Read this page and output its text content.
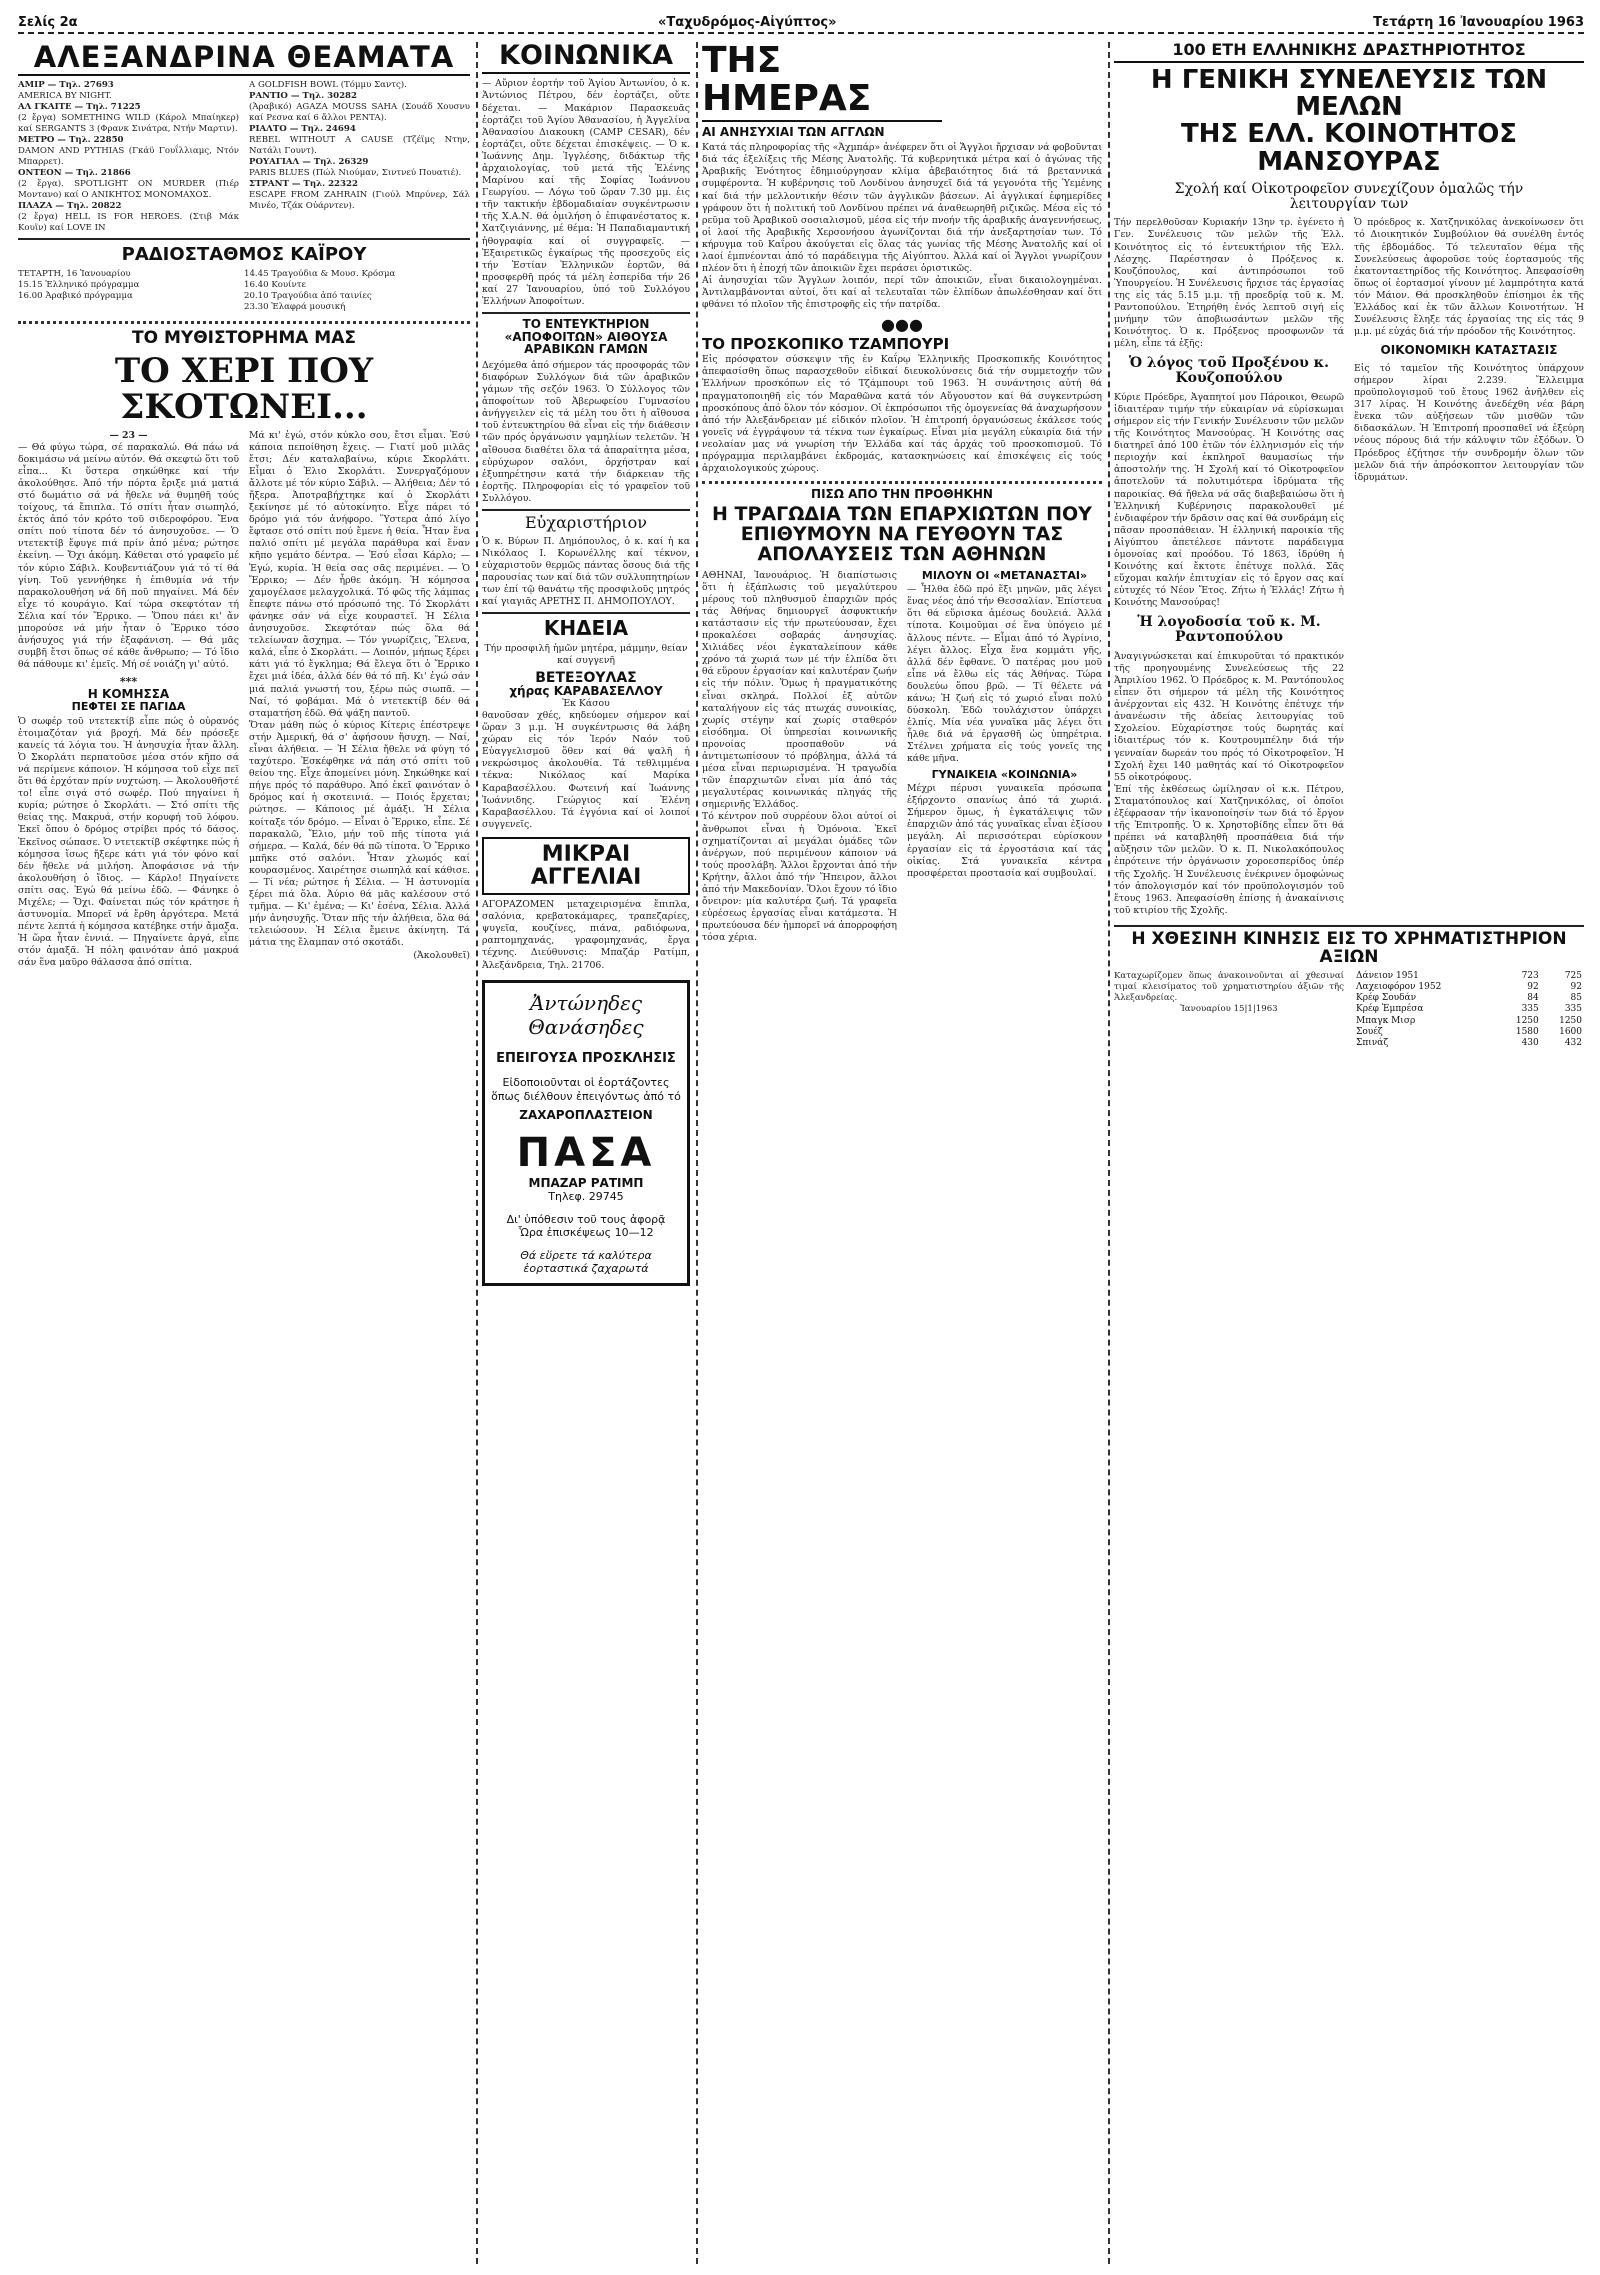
Σελίς 2α	«Ταχυδρόμος-Αἰγύπτος»	Τετάρτη 16 Ἰανουαρίου 1963
ΑΛΕΞΑΝΔΡΙΝΑ ΘΕΑΜΑΤΑ
ΑΜΙΡ — Τηλ. 27693
AMERICA BY NIGHT.
ΑΛ ΓΚΑΙΤΕ — Τηλ. 71225
(2 ἔργα) SOMETHING WILD (Κάρολ Μπαίηκερ) καί SERGANTS 3 (Φρανκ Σινάτρα, Ντήν Μαρτιν).
ΜΕΤΡΟ — Τηλ. 22850
DAMON AND PYTHIAS (Γκάϋ Γουΐλλιαμς, Ντόν Μπαρρετ).
ΟΝΤΕΟΝ — Τηλ. 21866
(2 ἔργα). SPOTLIGHT ON MURDER (Πιέρ Μοντανο) καί Ο ΑΝΙΚΗΤΟΣ ΜΟΝΟΜΑΧΟΣ.
ΠΛΑΖΑ — Τηλ. 20822
(2 ἔργα) HELL IS FOR HEROES. (Στιβ Μάκ Κουϊν) καί LOVE IN
A GOLDFISH BOWL (Τόμμυ Σαντς).
ΡΑΝΤΙΟ — Τηλ. 30282
(Ἀραβικό) AGAZA MOUSS SAHA (Σουάδ Χουσνυ καί Ρεσνα καί 6 ἄλλοι PENTA).
ΡΙΑΛΤΟ — Τηλ. 24694
REBEL WITHOUT A CAUSE (Τζέϊμς Ντην, Νατάλι Γουντ).
ΡΟΥΑΓΙΑΛ — Τηλ. 26329
PARIS BLUES (Πώλ Νιούμαν, Σιντνεύ Πουατιέ).
ΣΤΡΑΝΤ — Τηλ. 22322
ESCAPE FROM ZAHRAIN (Γιούλ Μπρύνερ, Σάλ Μινέο, Τζάκ Οὐάρντεν).
ΡΑΔΙΟΣΤΑΘΜΟΣ ΚΑΪΡΟΥ
ΤΕΤΑΡΤΗ, 16 Ἰανουαρίου	14.45 Τραγούδια & Μουσ. Κρόσμα
15.15 Ἐλληνικό πρόγραμμα	16.40 Κουίντε
16.00 Ἀραβικό πρόγραμμα	20.10 Τραγούδια ἀπό ταινίες
23.30 Ἐλαφρά μουσική
ΤΟ ΜΥΘΙΣΤΟΡΗΜΑ ΜΑΣ
ΤΟ ΧΕΡΙ ΠΟΥ ΣΚΟΤΩΝΕΙ...
— 23 —

— Θά φύγω τώρα, σέ παρακαλώ. Θά πάω νά δοκιμάσω νά μείνω αὐτόν. Θά σκεφτώ ὅτι τοῦ εἶπα... Κι ὕστερα σηκώθηκε καί τήν ἀκολούθησε. Ἀπό τήν πόρτα ἔριξε μιά ματιά στό δωμάτιο σά νά ἤθελε νά θυμηθῆ τούς τοίχους, τά ἔπιπλα. Τό σπίτι ἦταν σιωπηλό, ἐκτός ἀπό τόν κρότο τοῦ σιδεροφόρου. Ἔνα σπίτι πού τίποτα δέν τό ἀνησυχοῦσε. — Ὁ ντετεκτίβ ἔφυγε πιά πρίν ἀπό μένα; ρώτησε ἐκείνη. — Ὄχι ἀκόμη. Κάθεται στό γραφεῖο μέ τόν κύριο Σάβιλ. Κουβεντιάζουν γιά τό τί θά γίνη. Τοῦ γεννήθηκε ἡ ἐπιθυμία νά τήν παρακολουθήση νά δῆ ποῦ πηγαίνει. Μά δέν εἶχε τό κουράγιο. Καί τώρα σκεφτόταν τή Σέλια καί τόν Ἔρρικο. — Ὅπου πάει κι' ἄν μπορούσε νά μήν ἦταν ὁ Ἔρρικο τόσο ἀνήσυχος γιά τήν ἐξαφάνιση. — Θά μᾶς συμβῆ ἔτσι ὅπως σέ κάθε ἄνθρωπο; — Τό ἴδιο θά πάθουμε κι' ἐμεῖς. Μή σέ νοιάζη γι' αὐτό.

***
Η ΚΟΜΗΣΣΑ
ΠΕΦΤΕΙ ΣΕ ΠΑΓΙΔΑ

Ὁ σωφέρ τοῦ ντετεκτίβ εἶπε πώς ὁ οὐρανός ἑτοιμαζόταν γιά βροχή. Μά δέν πρόσεξε κανείς τά λόγια του. Ἡ ἀνησυχία ἦταν ἄλλη. Ὁ Σκορλάτι περπατοῦσε μέσα στόν κῆπο σά νά περίμενε κάποιον. Ἡ κόμησσα τοῦ εἶχε πεῖ ὅτι θά ἐρχόταν πρίν νυχτώση. — Ἀκολουθῆστέ το! εἶπε σιγά στό σωφέρ. Πού πηγαίνει ἡ κυρία; ρώτησε ὁ Σκορλάτι. — Στό σπίτι τῆς θείας της. Μακρυά, στήν κορυφή τοῦ λόφου. Ἐκεῖ ὅπου ὁ δρόμος στρίβει πρός τό δάσος. Ἐκεῖνος σώπασε. Ὁ ντετεκτίβ σκέφτηκε πώς ἡ κόμησσα ἴσως ἤξερε κάτι γιά τόν φόνο καί δέν ἤθελε νά μιλήση. Ἀποφάσισε νά τήν ἀκολουθήση ὁ ἴδιος. — Κάρλο! Πηγαίνετε σπίτι σας. Ἐγώ θά μείνω ἐδῶ. — Φάνηκε ὁ Μιχέλε; — Ὄχι. Φαίνεται πώς τόν κράτησε ἡ ἀστυνομία. Μπορεῖ νά ἔρθη ἀργότερα. Μετά πέντε λεπτά ἡ κόμησσα κατέβηκε στήν ἄμαξα. Ἡ ὥρα ἦταν ἐννιά. — Πηγαίνετε ἀργά, εἶπε στόν ἀμαξᾶ. Ἡ πόλη φαινόταν ἀπό μακρυά σάν ἕνα μαῦρο θάλασσα ἀπό σπίτια.

Μά κι' ἐγώ, στόν κύκλο σου, ἔτσι εἶμαι. Ἐσύ κάποια πεποίθηση ἔχεις. — Γιατί μοῦ μιλᾶς ἔτσι; Δέν καταλαβαίνω, κύριε Σκορλάτι. Εἶμαι ὁ Ἐλιο Σκορλάτι. Συνεργαζόμουν ἄλλοτε μέ τόν κύριο Σάβιλ. — Ἀλήθεια; Δέν τό ἤξερα. Ἀποτραβήχτηκε καί ὁ Σκορλάτι ξεκίνησε μέ τό αὐτοκίνητο. Εἶχε πάρει τό δρόμο γιά τόν ἀνήφορο. Ὕστερα ἀπό λίγο ἔφτασε στό σπίτι πού ἔμενε ἡ θεία. Ἦταν ἕνα παλιό σπίτι μέ μεγάλα παράθυρα καί ἕναν κῆπο γεμάτο δέντρα. — Ἐσύ εἶσαι Κάρλο; — Ἐγώ, κυρία. Ἡ θεία σας σᾶς περιμένει. — Ὁ Ἔρρικο; — Δέν ἦρθε ἀκόμη. Ἡ κόμησσα χαμογέλασε μελαγχολικά. Τό φῶς τῆς λάμπας ἔπεφτε πάνω στό πρόσωπό της. Τό Σκορλάτι φάνηκε σάν νά εἶχε κουραστεῖ. Ἡ Σέλια ἀνησυχοῦσε. Σκεφτόταν πώς ὅλα θά τελείωναν ἄσχημα. — Τόν γνωρίζεις, Ἔλενα, καλά, εἶπε ὁ Σκορλάτι. — Λοιπόν, μήπως ξέρει κάτι γιά τό ἔγκλημα; Θά ἔλεγα ὅτι ὁ Ἔρρικο ἔχει μιά ἰδέα, ἀλλά δέν θά τό πῆ. Κι' ἐγώ σάν μιά παλιά γνωστή του, ξέρω πώς σιωπᾶ. — Ναί, τό φοβάμαι. Μά ὁ ντετεκτίβ δέν θά σταματήση ἐδῶ. Θά ψάξη παντοῦ.

Ὅταν μάθη πώς ὁ κύριος Κίτερις ἐπέστρεψε στήν Ἀμερική, θά σ' ἀφήσουν ἥσυχη. — Ναί, εἶναι ἀλήθεια. — Ἡ Σέλια ἤθελε νά φύγη τό ταχύτερο. Ἐσκέφθηκε νά πάη στό σπίτι τοῦ θείου της. Εἶχε ἀπομείνει μόνη. Σηκώθηκε καί πήγε πρός τό παράθυρο. Ἀπό ἐκεῖ φαινόταν ὁ δρόμος καί ἡ σκοτεινιά. — Ποιός ἔρχεται; ρώτησε. — Κάποιος μέ ἀμάξι. Ἡ Σέλια κοίταξε τόν δρόμο. — Εἶναι ὁ Ἔρρικο, εἶπε. Σέ παρακαλῶ, Ἔλιο, μήν τοῦ πῆς τίποτα γιά σήμερα. — Καλά, δέν θά πῶ τίποτα. Ὁ Ἔρρικο μπῆκε στό σαλόνι. Ἦταν χλωμός καί κουρασμένος. Χαιρέτησε σιωπηλά καί κάθισε. — Τί νέα; ρώτησε ἡ Σέλια. — Ἡ ἀστυνομία ξέρει πιά ὅλα. Ἀύριο θά μᾶς καλέσουν στό τμῆμα. — Κι' ἐμένα; — Κι' ἐσένα, Σέλια. Ἀλλά μήν ἀνησυχῆς. Ὅταν πῆς τήν ἀλήθεια, ὅλα θά τελειώσουν. Ἡ Σέλια ἔμεινε ἀκίνητη. Τά μάτια της ἔλαμπαν στό σκοτάδι.

(Ἀκολουθεῖ)
ΚΟΙΝΩΝΙΚΑ

— Αὔριον ἑορτήν τοῦ Ἁγίου Ἀντωνίου, ὁ κ. Ἀντώνιος Πέτρου, δέν ἑορτάζει, οὔτε δέχεται. — Μακάριον Παρασκευᾶς ἑορτάζει τοῦ Ἁγίου Ἀθανασίου, ἡ Ἀγγελίνα Ἀθανασίου Διακουκη (CAMP CESAR), δέν ἑορτάζει, οὔτε δέχεται ἐπισκέψεις. — Ὁ κ. Ἰωάννης Δημ. Ἰγγλέσης, διδάκτωρ τῆς ἀρχαιολογίας, τοῦ μετά τῆς Ἑλένης Μαρίνου καί τῆς Σοφίας Ἰωάννου Γεωργίου. — Λόγω τοῦ ὥραν 7.30 μμ. ἐις τῆν τακτικήν ἑβδομαδιαίαν συγκέντρωσιν τῆς Χ.Α.Ν. θά ὁμιλήση ὁ ἐπιφανέστατος κ. Χατζιγιάννης, μέ θέμα: Ἡ Παπαδιαμαντική ἡθογραφία καί οἱ συγγραφεῖς. — Ἐξαιρετικῶς ἐγκαίρως τῆς προσεχοῦς εἰς τήν Ἐστίαν Ἑλληνικῶν ἑορτῶν, θά προσφερθῆ πρός τά μέλη ἐσπερίδα τήν 26 καί 27 Ἰανουαρίου, ὑπό τοῦ Συλλόγου Ἑλλήνων Ἀποφοίτων.

ΤΟ ΕΝΤΕΥΚΤΗΡΙΟΝ «ΑΠΟΦΟΙΤΩΝ» ΑΙΘΟΥΣΑ ΑΡΑΒΙΚΩΝ ΓΑΜΩΝ

Δεχόμεθα ἀπό σήμερον τάς προσφοράς τῶν διαφόρων Συλλόγων διά τῶν ἀραβικῶν γάμων τῆς σεζόν 1963. Ὁ Σύλλογος τῶν ἀποφοίτων τοῦ Ἀβερωφείου Γυμνασίου ἀνήγγειλεν εἰς τά μέλη του ὅτι ἡ αἴθουσα τοῦ ἐντευκτηρίου θά εἶναι εἰς τήν διάθεσιν τῶν πρός ὀργάνωσιν γαμηλίων τελετῶν. Ἡ αἴθουσα διαθέτει ὅλα τά ἀπαραίτητα μέσα, εὐρύχωρον σαλόνι, ὀρχήστραν καί ἐξυπηρέτησιν κατά τήν διάρκειαν τῆς ἑορτῆς. Πληροφορίαι εἰς τό γραφεῖον τοῦ Συλλόγου.

Εὐχαριστήριον

Ὁ κ. Βύρων Π. Δημόπουλος, ὁ κ. καί ἡ κα Νικόλαος Ι. Κορωνέλλης καί τέκνον, εὐχαριστοῦν θερμῶς πάντας ὅσους διά τῆς παρουσίας των καί διά τῶν συλλυπητηρίων των ἐπί τῷ θανάτῳ τῆς προσφιλοῦς μητρός καί γιαγιᾶς ΑΡΕΤΗΣ Π. ΔΗΜΟΠΟΥΛΟΥ.

ΚΗΔΕΙΑ

Τήν προσφιλῆ ἡμῶν μητέρα, μάμμην, θείαν καί συγγενῆ

ΒΕΤΕΞΟΥΛΑΣ
χήρας ΚΑΡΑΒΑΣΕΛΛΟΥ
Ἐκ Κάσου

θανοῦσαν χθές, κηδεύομεν σήμερον καί ὥραν 3 μ.μ. Ἡ συγκέντρωσις θά λάβη χώραν εἰς τόν Ἱερόν Ναόν τοῦ Εὐαγγελισμοῦ ὅθεν καί θά ψαλῆ ἡ νεκρώσιμος ἀκολουθία. Τά τεθλιμμένα τέκνα: Νικόλαος καί Μαρίκα Καραβασέλλου. Φωτεινή καί Ἰωάννης Ἰωάννιδης. Γεώργιος καί Ἑλένη Καραβασέλλου. Τά ἐγγόνια καί οἱ λοιποί συγγενεῖς.

ΜΙΚΡΑΙ ΑΓΓΕΛΙΑΙ

ΑΓΟΡΑΖΟΜΕΝ μεταχειρισμένα ἔπιπλα, σαλόνια, κρεβατοκάμαρες, τραπεζαρίες, ψυγεῖα, κουζίνες, πιάνα, ραδιόφωνα, ραπτομηχανάς, γραφομηχανάς, ἔργα τέχνης. Διεύθυνσις: Μπαζάρ Ρατίμπ, Ἀλεξάνδρεια, Τηλ. 21706.

Ἀντώνηδες
Θανάσηδες
ΕΠΕΙΓΟΥΣΑ ΠΡΟΣΚΛΗΣΙΣ
Εἰδοποιοῦνται οἱ ἑορτάζοντες ὅπως διέλθουν ἐπειγόντως ἀπό τό
ΖΑΧΑΡΟΠΛΑΣΤΕΙΟΝ
ΠΑΣΑ
ΜΠΑΖΑΡ ΡΑΤΙΜΠ
Τηλεφ. 29745
Δι' ὑπόθεσιν τοῦ τους ἀφορᾷ
Ὧρα ἐπισκέψεως 10—12
Θά εὕρετε τά καλύτερα ἑορταστικά ζαχαρωτά
ΤΗΣ ΗΜΕΡΑΣ
ΑΙ ΑΝΗΣΥΧΙΑΙ ΤΩΝ ΑΓΓΛΩΝ

Κατά τάς πληροφορίας τῆς «Ἀχμπάρ» ἀνέφερεν ὅτι οἱ Ἄγγλοι ἤρχισαν νά φοβοῦνται διά τάς ἐξελίξεις τῆς Μέσης Ἀνατολῆς. Τά κυβερνητικά μέτρα καί ὁ ἀγώνας τῆς Ἀραβικῆς Ἑνότητος ἐδημιούργησαν κλίμα ἀβεβαιότητος διά τά βρεταννικά συμφέροντα. Ἡ κυβέρνησις τοῦ Λονδίνου ἀνησυχεῖ διά τά γεγονότα τῆς Ὑεμένης καί διά τήν μελλοντικήν θέσιν τῶν ἀγγλικῶν βάσεων. Αἱ ἀγγλικαί ἐφημερίδες γράφουν ὅτι ἡ πολιτική τοῦ Λονδίνου πρέπει νά ἀναθεωρηθῆ ριζικῶς. Μέσα εἰς τό ρεῦμα τοῦ Ἀραβικοῦ σοσιαλισμοῦ, μέσα εἰς τήν πνοήν τῆς ἀραβικῆς ἀναγεννήσεως, οἱ λαοί τῆς Ἀραβικῆς Χερσονήσου ἀγωνίζονται διά τήν ἀνεξαρτησίαν των. Τό κήρυγμα τοῦ Καΐρου ἀκούγεται εἰς ὅλας τάς γωνίας τῆς Μέσης Ἀνατολῆς καί οἱ λαοί ἐμπνέονται ἀπό τό παράδειγμα τῆς Αἰγύπτου. Ἀλλά καί οἱ Ἄγγλοι γνωρίζουν πλέον ὅτι ἡ ἐποχή τῶν ἀποικιῶν ἔχει περάσει ὁριστικῶς.

Αἱ ἀνησυχίαι τῶν Ἄγγλων λοιπόν, περί τῶν ἀποικιῶν, εἶναι δικαιολογημέναι. Ἀντιλαμβάνονται αὐτοί, ὅτι καί αἱ τελευταῖαι τῶν ἐλπίδων ἀπωλέσθησαν καί ὅτι φθάνει τό πλοῖον τῆς ἐπιστροφῆς εἰς τήν πατρίδα.

●●●
ΤΟ ΠΡΟΣΚΟΠΙΚΟ ΤΖΑΜΠΟΥΡΙ

Εἰς πρόσφατον σύσκεψιν τῆς ἐν Καΐρῳ Ἑλληνικῆς Προσκοπικῆς Κοινότητος ἀπεφασίσθη ὅπως παρασχεθοῦν εἰδικαί διευκολύνσεις διά τήν συμμετοχήν τῶν Ἑλλήνων προσκόπων εἰς τό Τζάμπουρι τοῦ 1963. Ἡ συνάντησις αὐτή θά πραγματοποιηθῆ εἰς τόν Μαραθῶνα κατά τόν Αὔγουστον καί θά συγκεντρώση προσκόπους ἀπό ὅλον τόν κόσμον. Οἱ ἐκπρόσωποι τῆς ὁμογενείας θά ἀναχωρήσουν ἀπό τήν Ἀλεξάνδρειαν μέ εἰδικόν πλοῖον. Ἡ ἐπιτροπή ὀργανώσεως ἐκάλεσε τούς γονεῖς νά ἐγγράψουν τά τέκνα των ἐγκαίρως. Εἶναι μία μεγάλη εὐκαιρία διά τήν νεολαίαν μας νά γνωρίση τήν Ἑλλάδα καί τάς ἀρχάς τοῦ προσκοπισμοῦ. Τό πρόγραμμα περιλαμβάνει ἐκδρομάς, κατασκηνώσεις καί ἐπισκέψεις εἰς τούς ἀρχαιολογικούς χώρους.

ΠΙΣΩ ΑΠΟ ΤΗΝ ΠΡΟΘΗΚΗΝ
Η ΤΡΑΓΩΔΙΑ ΤΩΝ ΕΠΑΡΧΙΩΤΩΝ ΠΟΥ ΕΠΙΘΥΜΟΥΝ ΝΑ ΓΕΥΘΟΥΝ ΤΑΣ ΑΠΟΛΑΥΣΕΙΣ ΤΩΝ ΑΘΗΝΩΝ

ΑΘΗΝΑΙ, Ἰανουάριος. Ἡ διαπίστωσις ὅτι ἡ ἐξάπλωσις τοῦ μεγαλύτερου μέρους τοῦ πληθυσμοῦ ἐπαρχιῶν πρός τάς Ἀθήνας δημιουργεῖ ἀσφυκτικήν κατάστασιν εἰς τήν πρωτεύουσαν, ἔχει προκαλέσει σοβαράς ἀνησυχίας. Χιλιάδες νέοι ἐγκαταλείπουν κάθε χρόνο τά χωριά των μέ τήν ἐλπίδα ὅτι θά εὕρουν ἐργασίαν καί καλυτέραν ζωήν εἰς τήν πόλιν. Ὅμως ἡ πραγματικότης εἶναι σκληρά. Πολλοί ἐξ αὐτῶν καταλήγουν εἰς τάς πτωχάς συνοικίας, χωρίς στέγην καί χωρίς σταθερόν εἰσόδημα. Οἱ ὑπηρεσίαι κοινωνικῆς προνοίας προσπαθοῦν νά ἀντιμετωπίσουν τό πρόβλημα, ἀλλά τά μέσα εἶναι περιωρισμένα. Ἡ τραγωδία τῶν ἐπαρχιωτῶν εἶναι μία ἀπό τάς μεγαλυτέρας κοινωνικάς πληγάς τῆς σημερινῆς Ἑλλάδος.

Τό κέντρον ποῦ συρρέουν ὅλοι αὐτοί οἱ ἄνθρωποι εἶναι ἡ Ὁμόνοια. Ἐκεῖ σχηματίζονται αἱ μεγάλαι ὁμάδες τῶν ἀνέργων, πού περιμένουν κάποιον νά τούς προσλάβη. Ἄλλοι ἔρχονται ἀπό τήν Κρήτην, ἄλλοι ἀπό τήν Ἤπειρον, ἄλλοι ἀπό τήν Μακεδονίαν. Ὅλοι ἔχουν τό ἴδιο ὄνειρον: μία καλυτέρα ζωή. Τά γραφεῖα εὑρέσεως ἐργασίας εἶναι κατάμεστα. Ἡ πρωτεύουσα δέν ἠμπορεῖ νά ἀπορροφήση τόσα χέρια.

ΜΙΛΟΥΝ ΟΙ «ΜΕΤΑΝΑΣΤΑΙ»

— Ἦλθα ἐδῶ πρό ἕξι μηνῶν, μᾶς λέγει ἕνας νέος ἀπό τήν Θεσσαλίαν. Ἐπίστευα ὅτι θά εὕρισκα ἀμέσως δουλειά. Ἀλλά τίποτα. Κοιμοῦμαι σέ ἕνα ὑπόγειο μέ ἄλλους πέντε. — Εἶμαι ἀπό τό Ἀγρίνιο, λέγει ἄλλος. Εἶχα ἕνα κομμάτι γῆς, ἀλλά δέν ἔφθανε. Ὁ πατέρας μου μοῦ εἶπε νά ἔλθω εἰς τάς Ἀθήνας. Τώρα δουλεύω ὅπου βρῶ. — Τί θέλετε νά κάνω; Ἡ ζωή εἰς τό χωριό εἶναι πολύ δύσκολη. Ἐδῶ τουλάχιστον ὑπάρχει ἐλπίς. Μία νέα γυναῖκα μᾶς λέγει ὅτι ἦλθε διά νά ἐργασθῆ ὡς ὑπηρέτρια. Στέλνει χρήματα εἰς τούς γονεῖς της κάθε μῆνα.

ΓΥΝΑΙΚΕΙΑ «ΚΟΙΝΩΝΙΑ»

Μέχρι πέρυσι γυναικεῖα πρόσωπα ἐξήρχοντο σπανίως ἀπό τά χωριά. Σήμερον ὅμως, ἡ ἐγκατάλειψις τῶν ἐπαρχιῶν ἀπό τάς γυναῖκας εἶναι ἐξίσου μεγάλη. Αἱ περισσότεραι εὑρίσκουν ἐργασίαν εἰς τά ἐργοστάσια καί τάς οἰκίας. Στά γυναικεῖα κέντρα προσφέρεται προστασία καί συμβουλαί.

100 ΕΤΗ ΕΛΛΗΝΙΚΗΣ ΔΡΑΣΤΗΡΙΟΤΗΤΟΣ
Η ΓΕΝΙΚΗ ΣΥΝΕΛΕΥΣΙΣ ΤΩΝ ΜΕΛΩΝ
ΤΗΣ ΕΛΛ. ΚΟΙΝΟΤΗΤΟΣ ΜΑΝΣΟΥΡΑΣ
Σχολή καί Οἰκοτροφεῖον συνεχίζουν ὁμαλῶς τήν λειτουργίαν των

Τήν περελθοῦσαν Κυριακήν 13ην τρ. ἐγένετο ἡ Γεν. Συνέλευσις τῶν μελῶν τῆς Ἑλλ. Κοινότητος εἰς τό ἐντευκτήριον τῆς Ἑλλ. Λέσχης. Παρέστησαν ὁ Πρόξενος κ. Κουζόπουλος, καί ἀντιπρόσωποι τοῦ Ὑπουργείου. Ἡ Συνέλευσις ἤρχισε τάς ἐργασίας της εἰς τάς 5.15 μ.μ. τῇ προεδρίᾳ τοῦ κ. Μ. Ραντοπούλου. Ἐτηρήθη ἐνός λεπτοῦ σιγή εἰς μνήμην τῶν ἀποβιωσάντων μελῶν τῆς Κοινότητος. Ὁ κ. Πρόξενος προσφωνῶν τά μέλη, εἶπε τά ἑξῆς:

Ὁ λόγος τοῦ Προξένου κ. Κουζοπούλου

Κύριε Πρόεδρε, Ἀγαπητοί μου Πάροικοι, Θεωρῶ ἰδιαιτέραν τιμήν τήν εὐκαιρίαν νά εὑρίσκωμαι σήμερον εἰς τήν Γενικήν Συνέλευσιν τῶν μελῶν τῆς Κοινότητος Μανσούρας. Ἡ Κοινότης σας διατηρεῖ ἀπό 100 ἐτῶν τόν ἑλληνισμόν εἰς τήν περιοχήν καί ἐκπληροῖ θαυμασίως τήν ἀποστολήν της. Ἡ Σχολή καί τό Οἰκοτροφεῖον ἀποτελοῦν τά πολυτιμότερα ἱδρύματα τῆς παροικίας. Θά ἤθελα νά σᾶς διαβεβαιώσω ὅτι ἡ Ἑλληνική Κυβέρνησις παρακολουθεῖ μέ ἐνδιαφέρον τήν δρᾶσιν σας καί θά συνδράμη εἰς πᾶσαν προσπάθειαν. Ἡ ἑλληνική παροικία τῆς Αἰγύπτου ἀπετέλεσε πάντοτε παράδειγμα ὁμονοίας καί προόδου. Τό 1863, ἱδρύθη ἡ Κοινότης καί ἔκτοτε ἐπέτυχε πολλά. Σᾶς εὔχομαι καλήν ἐπιτυχίαν εἰς τό ἔργον σας καί εὐτυχές τό Νέον Ἔτος. Ζήτω ἡ Ἑλλάς! Ζήτω ἡ Κοινότης Μανσούρας!

Ἡ λογοδοσία τοῦ κ. Μ. Ραντοπούλου

Ἀναγιγνώσκεται καί ἐπικυροῦται τό πρακτικόν τῆς προηγουμένης Συνελεύσεως τῆς 22 Ἀπριλίου 1962. Ὁ Πρόεδρος κ. Μ. Ραντόπουλος εἶπεν ὅτι σήμερον τά μέλη τῆς Κοινότητος ἀνέρχονται εἰς 432. Ἡ Κοινότης ἐπέτυχε τήν ἀνανέωσιν τῆς ἀδείας λειτουργίας τοῦ Σχολείου. Εὐχαρίστησε τούς δωρητάς καί ἰδιαιτέρως τόν κ. Κουτρουμπέλην διά τήν γενναίαν δωρεάν του πρός τό Οἰκοτροφεῖον. Ἡ Σχολή ἔχει 140 μαθητάς καί τό Οἰκοτροφεῖον 55 οἰκοτρόφους.

Ἐπί τῆς ἐκθέσεως ὡμίλησαν οἱ κ.κ. Πέτρου, Σταματόπουλος καί Χατζηνικόλας, οἱ ὁποῖοι ἐξέφρασαν τήν ἱκανοποίησίν των διά τό ἔργον τῆς Ἐπιτροπῆς. Ὁ κ. Χρηστοβίδης εἶπεν ὅτι θά πρέπει νά καταβληθῆ προσπάθεια διά τήν αὔξησιν τῶν μελῶν. Ὁ κ. Π. Νικολακόπουλος ἐπρότεινε τήν ὀργάνωσιν χοροεσπερίδος ὑπέρ τῆς Σχολῆς. Ἡ Συνέλευσις ἐνέκρινεν ὁμοφώνως τόν ἀπολογισμόν καί τόν προϋπολογισμόν τοῦ ἔτους 1963. Ἀπεφασίσθη ἐπίσης ἡ ἀνακαίνισις τοῦ κτιρίου τῆς Σχολῆς.

Ὁ πρόεδρος κ. Χατζηνικόλας ἀνεκοίνωσεν ὅτι τό Διοικητικόν Συμβούλιον θά συνέλθη ἐντός τῆς ἑβδομάδος. Τό τελευταῖον θέμα τῆς Συνελεύσεως ἀφοροῦσε τούς ἐορτασμούς τῆς ἑκατονταετηρίδος τῆς Κοινότητος. Ἀπεφασίσθη ὅπως οἱ ἑορτασμοί γίνουν μέ λαμπρότητα κατά τόν Μάιον. Θά προσκληθοῦν ἐπίσημοι ἐκ τῆς Ἑλλάδος καί ἐκ τῶν ἄλλων Κοινοτήτων. Ἡ Συνέλευσις ἔληξε τάς ἐργασίας της εἰς τάς 9 μ.μ. μέ εὐχάς διά τήν πρόοδον τῆς Κοινότητος.

ΟΙΚΟΝΟΜΙΚΗ ΚΑΤΑΣΤΑΣΙΣ

Εἰς τό ταμεῖον τῆς Κοινότητος ὑπάρχουν σήμερον λίραι 2.239. Ἔλλειμμα προϋπολογισμοῦ τοῦ ἔτους 1962 ἀνῆλθεν εἰς 317 λίρας. Ἡ Κοινότης ἀνεδέχθη νέα βάρη ἕνεκα τῶν αὐξήσεων τῶν μισθῶν τῶν διδασκάλων. Ἡ Ἐπιτροπή προσπαθεῖ νά ἐξεύρη νέους πόρους διά τήν κάλυψιν τῶν ἐξόδων. Ὁ Πρόεδρος ἐζήτησε τήν συνδρομήν ὅλων τῶν μελῶν διά τήν ἀπρόσκοπτον λειτουργίαν τῶν ἱδρυμάτων.

Η ΧΘΕΣΙΝΗ ΚΙΝΗΣΙΣ ΕΙΣ ΤΟ ΧΡΗΜΑΤΙΣΤΗΡΙΟΝ ΑΞΙΩΝ

Καταχωρίζομεν ὅπως ἀνακοινοῦνται αἱ χθεσιναί τιμαί κλεισίματος τοῦ χρηματιστηρίου ἀξιῶν τῆς Ἀλεξανδρείας.

Ἰανουαρίου 15|1|1963
Δάνειον 1951	723	725
Λαχειοφόρον 1952	92	92
Κρέφ Σουδάν	84	85
Κρέφ Ἐμπρέσα	335	335
Μπαγκ Μισρ	1250	1250
Σουέζ	1580	1600
Σπινάζ	430	432
